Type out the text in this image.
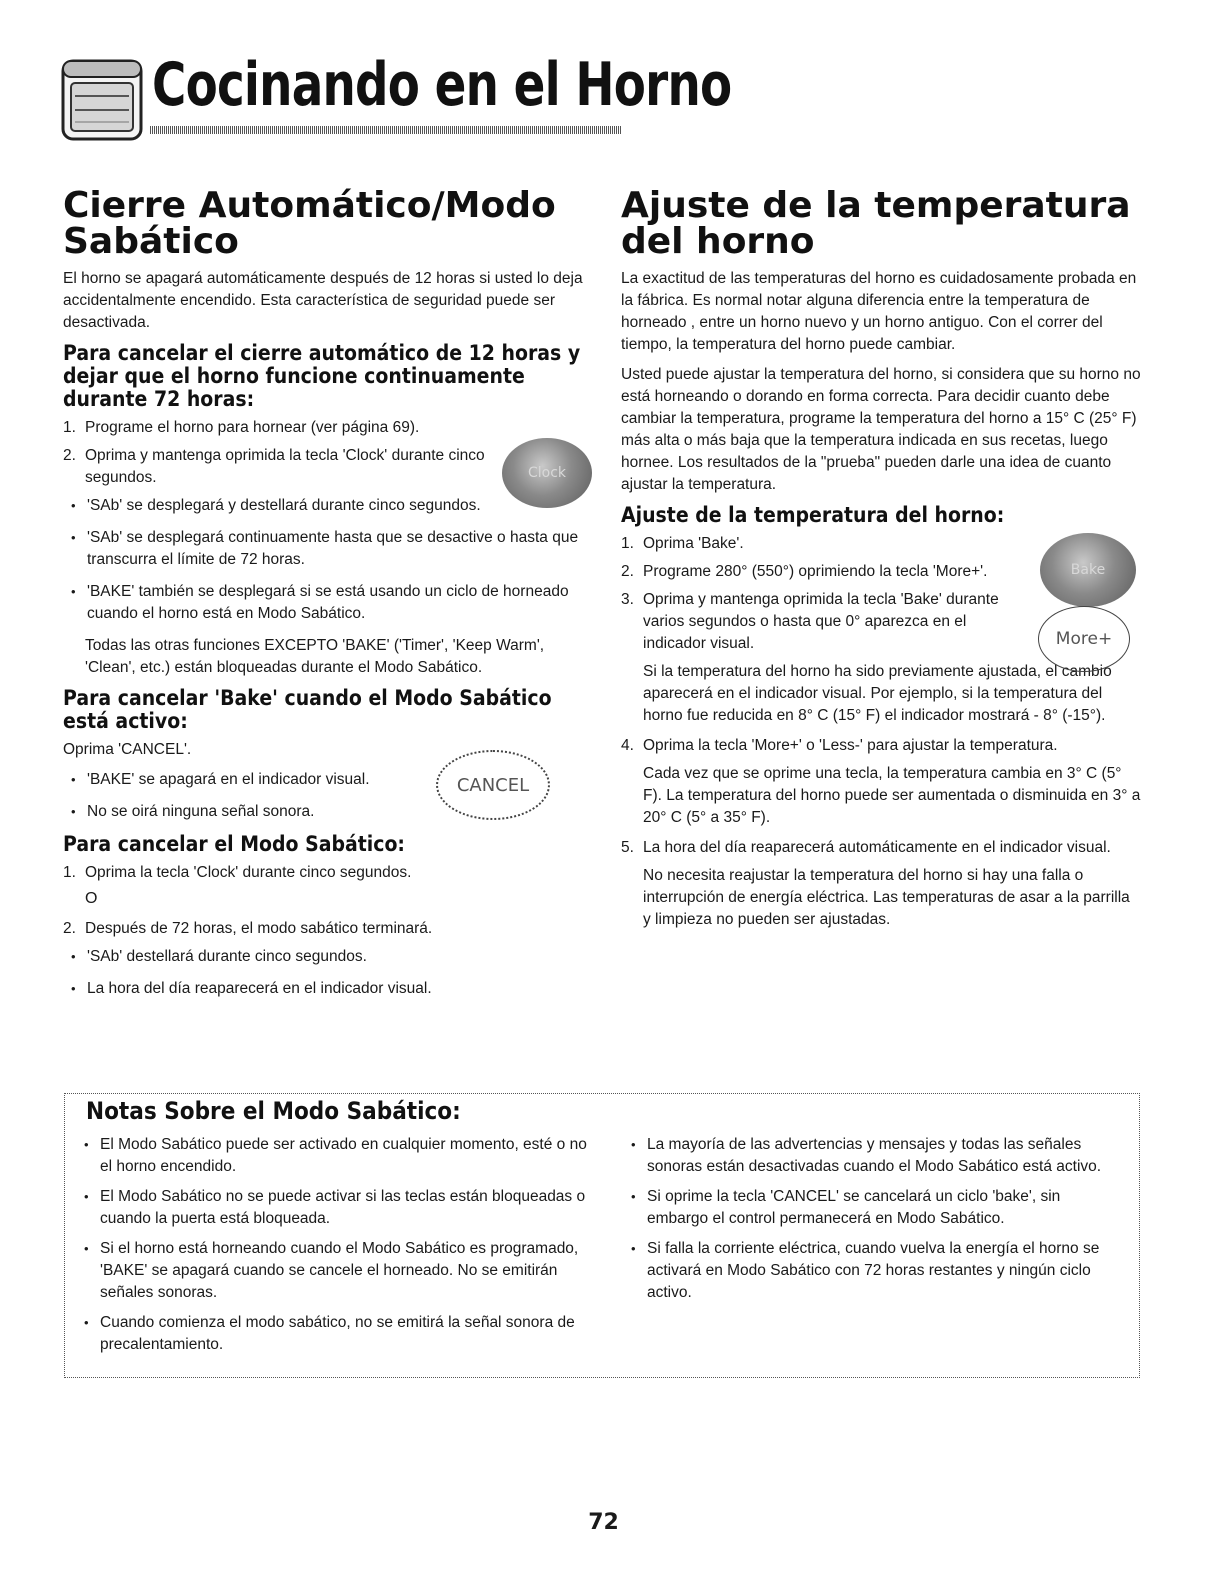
Cocinando en el Horno
Cierre Automático/Modo Sabático

El horno se apagará automáticamente después de 12 horas si usted lo deja accidentalmente encendido. Esta característica de seguridad puede ser desactivada.

Para cancelar el cierre automático de 12 horas y dejar que el horno funcione continuamente durante 72 horas:
1. Programe el horno para hornear (ver página 69).
2. Oprima y mantenga oprimida la tecla 'Clock' durante cinco segundos.
• 'SAb' se desplegará y destellará durante cinco segundos.
• 'SAb' se desplegará continuamente hasta que se desactive o hasta que transcurra el límite de 72 horas.
• 'BAKE' también se desplegará si se está usando un ciclo de horneado cuando el horno está en Modo Sabático.

Todas las otras funciones EXCEPTO 'BAKE' ('Timer', 'Keep Warm', 'Clean', etc.) están bloqueadas durante el Modo Sabático.

Para cancelar 'Bake' cuando el Modo Sabático está activo:

Oprima 'CANCEL'.

• 'BAKE' se apagará en el indicador visual.
• No se oirá ninguna señal sonora.
Para cancelar el Modo Sabático:
1. Oprima la tecla 'Clock' durante cinco segundos.
O
2. Después de 72 horas, el modo sabático terminará.
• 'SAb' destellará durante cinco segundos.
• La hora del día reaparecerá en el indicador visual.
Clock
CANCEL
Ajuste de la temperatura del horno

La exactitud de las temperaturas del horno es cuidadosamente probada en la fábrica. Es normal notar alguna diferencia entre la temperatura de horneado , entre un horno nuevo y un horno antiguo. Con el correr del tiempo, la temperatura del horno puede cambiar.

Usted puede ajustar la temperatura del horno, si considera que su horno no está horneando o dorando en forma correcta. Para decidir cuanto debe cambiar la temperatura, programe la temperatura del horno a 15° C (25° F) más alta o más baja que la temperatura indicada en sus recetas, luego hornee. Los resultados de la "prueba" pueden darle una idea de cuanto ajustar la temperatura.

Ajuste de la temperatura del horno:
1. Oprima 'Bake'.
2. Programe 280° (550°) oprimiendo la tecla 'More+'.
3. Oprima y mantenga oprimida la tecla 'Bake' durante varios segundos o hasta que 0° aparezca en el indicador visual.

Si la temperatura del horno ha sido previamente ajustada, el cambio aparecerá en el indicador visual. Por ejemplo, si la temperatura del horno fue reducida en 8° C (15° F) el indicador mostrará - 8° (-15°).

4. Oprima la tecla 'More+' o 'Less-' para ajustar la temperatura.

Cada vez que se oprime una tecla, la temperatura cambia en 3° C (5° F). La temperatura del horno puede ser aumentada o disminuida en 3° a 20° C (5° a 35° F).

5. La hora del día reaparecerá automáticamente en el indicador visual.

No necesita reajustar la temperatura del horno si hay una falla o interrupción de energía eléctrica. Las temperaturas de asar a la parrilla y limpieza no pueden ser ajustadas.

Bake
More+
Notas Sobre el Modo Sabático:
• El Modo Sabático puede ser activado en cualquier momento, esté o no el horno encendido.
• El Modo Sabático no se puede activar si las teclas están bloqueadas o cuando la puerta está bloqueada.
• Si el horno está horneando cuando el Modo Sabático es programado, 'BAKE' se apagará cuando se cancele el horneado. No se emitirán señales sonoras.
• Cuando comienza el modo sabático, no se emitirá la señal sonora de precalentamiento.
• La mayoría de las advertencias y mensajes y todas las señales sonoras están desactivadas cuando el Modo Sabático está activo.
• Si oprime la tecla 'CANCEL' se cancelará un ciclo 'bake', sin embargo el control permanecerá en Modo Sabático.
• Si falla la corriente eléctrica, cuando vuelva la energía el horno se activará en Modo Sabático con 72 horas restantes y ningún ciclo activo.
72
